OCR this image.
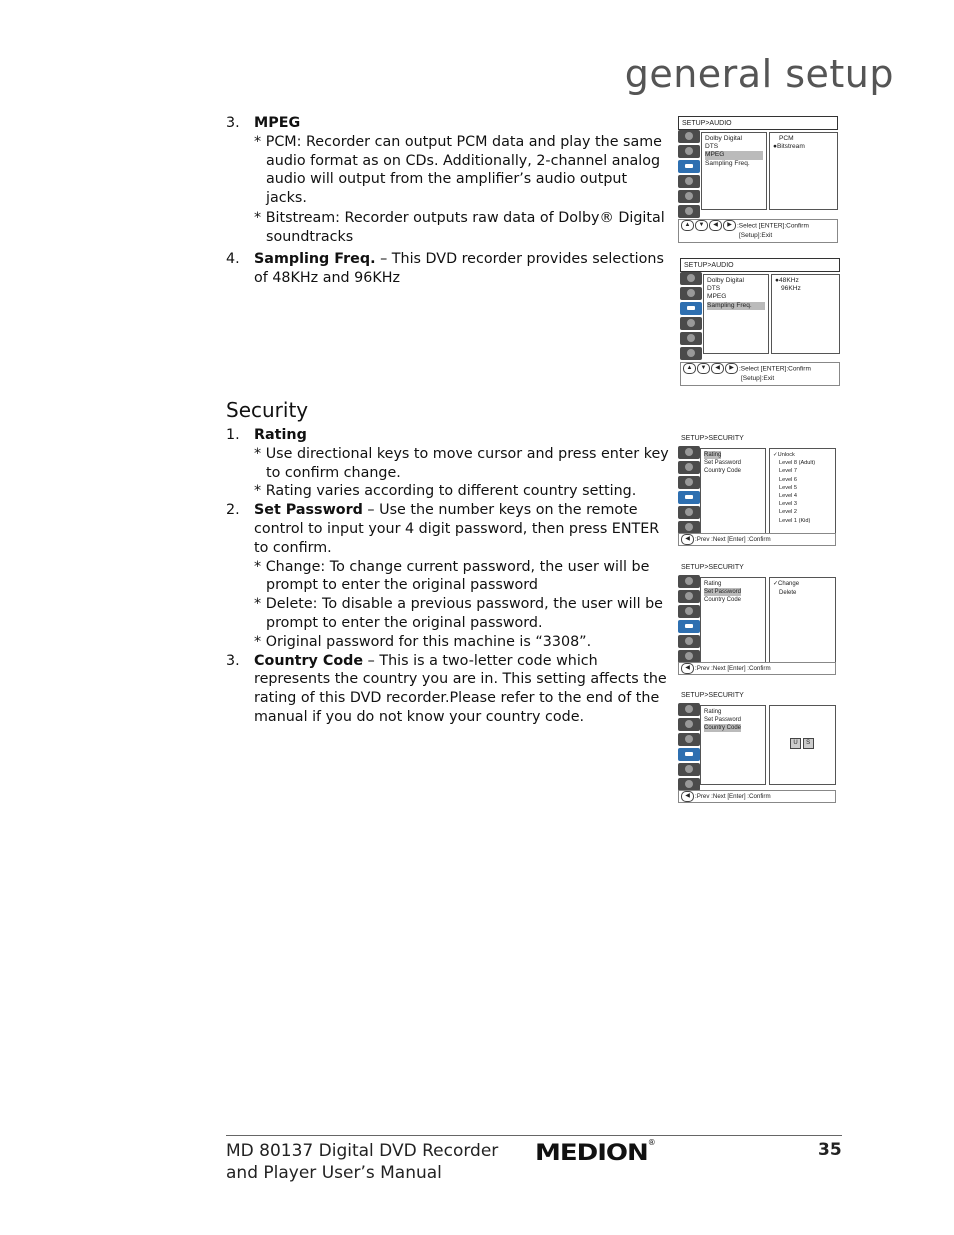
general setup
3.	MPEG
* PCM: Recorder can output PCM data and play the same audio format as on CDs. Additionally, 2-channel analog audio will output from the amplifier’s audio output jacks.
* Bitstream: Recorder outputs raw data of Dolby® Digital soundtracks
4.	Sampling Freq. – This DVD recorder provides selections of 48KHz and 96KHz
Security
1.	Rating
* Use directional keys to move cursor and press enter key to confirm change.
* Rating varies according to different country setting.
2.	Set Password – Use the number keys on the remote control to input your 4 digit password, then press ENTER to confirm.
* Change: To change current password, the user will be prompt to enter the original password
* Delete: To disable a previous password, the user will be prompt to enter the original password.
* Original password for this machine is “3308”.
3.	Country Code – This is a two-letter code which represents the country you are in. This setting affects the rating of this DVD recorder.Please refer to the end of the manual if you do not know your country code.
SETUP>AUDIO
Dolby Digital
DTS
MPEG
Sampling Freq.
PCM
●Bitstream
▲ ▼ ◀ ▶ :Select [ENTER]:Confirm
[Setup]:Exit
SETUP>AUDIO
Dolby Digital
DTS
MPEG
Sampling Freq.
●48KHz
96KHz
▲ ▼ ◀ ▶ :Select [ENTER]:Confirm
[Setup]:Exit
SETUP>SECURITY
Rating
Set Password
Country Code
✓Unlock
Level 8 (Adult)
Level 7
Level 6
Level 5
Level 4
Level 3
Level 2
Level 1 (Kid)
◀ :Prev :Next [Enter] :Confirm
SETUP>SECURITY
Rating
Set Password
Country Code
✓Change
Delete
◀ :Prev :Next [Enter] :Confirm
SETUP>SECURITY
Rating
Set Password
Country Code
U S
◀ :Prev :Next [Enter] :Confirm
MD 80137 Digital DVD Recorder
and Player User’s Manual
MEDION®	35
